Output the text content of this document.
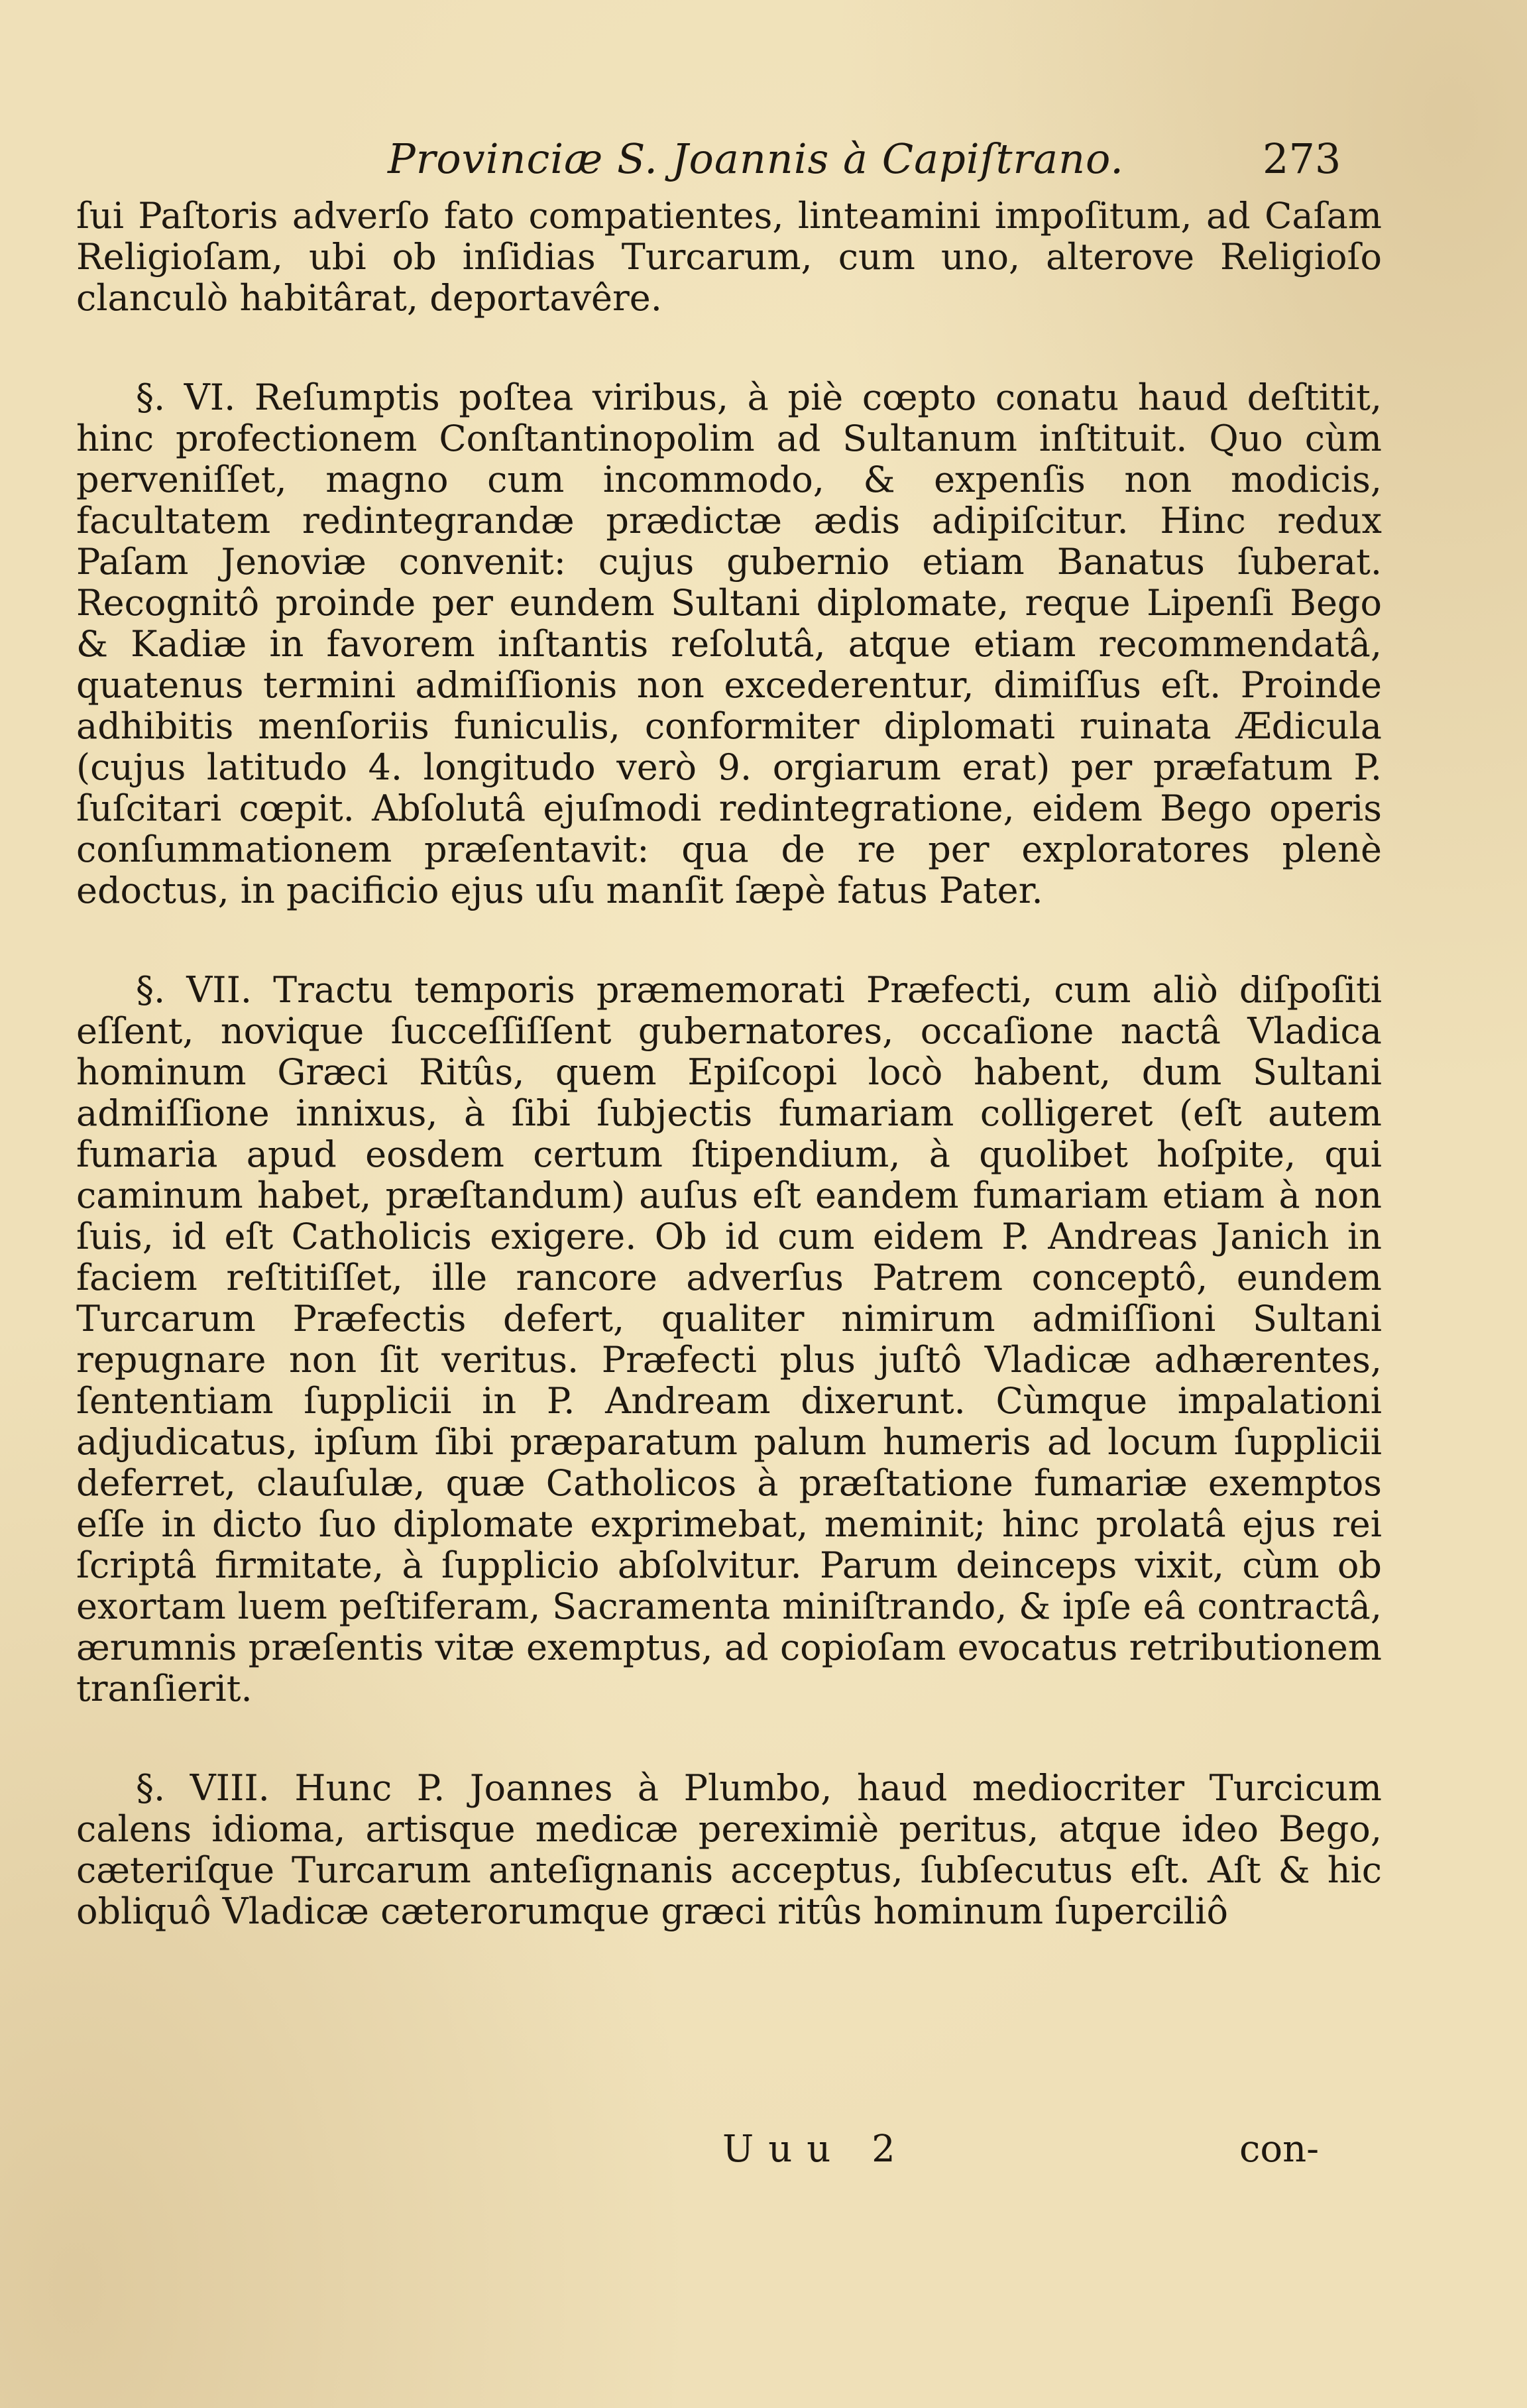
Provinciæ S. Joannis à Capiſtrano.	273

ſui Paſtoris adverſo fato compatientes, linteamini impoſitum, ad Caſam Religioſam, ubi ob inſidias Turcarum, cum uno, alterove Religioſo clanculò habitârat, deportavêre.

§. VI. Reſumptis poſtea viribus, à piè cœpto conatu haud deſtitit, hinc profectionem Conſtantinopolim ad Sultanum inſtituit. Quo cùm perveniſſet, magno cum incommodo, & expenſis non modicis, facultatem redintegrandæ prædictæ ædis adipiſcitur. Hinc redux Paſam Jenoviæ convenit: cujus gubernio etiam Banatus ſuberat. Recognitô proinde per eundem Sultani diplomate, reque Lipenſi Bego & Kadiæ in favorem inſtantis reſolutâ, atque etiam recommendatâ, quatenus termini admiſſionis non excederentur, dimiſſus eſt. Proinde adhibitis menſoriis funiculis, conformiter diplomati ruinata Ædicula (cujus latitudo 4. longitudo verò 9. orgiarum erat) per præfatum P. ſuſcitari cœpit. Abſolutâ ejuſmodi redintegratione, eidem Bego operis conſummationem præſentavit: qua de re per exploratores plenè edoctus, in pacificio ejus uſu manſit ſæpè fatus Pater.

§. VII. Tractu temporis præmemorati Præfecti, cum aliò diſpoſiti eſſent, novique ſucceſſiſſent gubernatores, occaſione nactâ Vladica hominum Græci Ritûs, quem Epiſcopi locò habent, dum Sultani admiſſione innixus, à ſibi ſubjectis fumariam colligeret (eſt autem fumaria apud eosdem certum ſtipendium, à quolibet hoſpite, qui caminum habet, præſtandum) auſus eſt eandem fumariam etiam à non ſuis, id eſt Catholicis exigere. Ob id cum eidem P. Andreas Janich in faciem reſtitiſſet, ille rancore adverſus Patrem conceptô, eundem Turcarum Præfectis defert, qualiter nimirum admiſſioni Sultani repugnare non ſit veritus. Præfecti plus juſtô Vladicæ adhærentes, ſententiam ſupplicii in P. Andream dixerunt. Cùmque impalationi adjudicatus, ipſum ſibi præparatum palum humeris ad locum ſupplicii deferret, clauſulæ, quæ Catholicos à præſtatione fumariæ exemptos eſſe in dicto ſuo diplomate exprimebat, meminit; hinc prolatâ ejus rei ſcriptâ firmitate, à ſupplicio abſolvitur. Parum deinceps vixit, cùm ob exortam luem peſtiferam, Sacramenta miniſtrando, & ipſe eâ contractâ, ærumnis præſentis vitæ exemptus, ad copioſam evocatus retributionem tranſierit.

§. VIII. Hunc P. Joannes à Plumbo, haud mediocriter Turcicum calens idioma, artisque medicæ pereximiè peritus, atque ideo Bego, cæteriſque Turcarum anteſignanis acceptus, ſubſecutus eſt. Aſt & hic obliquô Vladicæ cæterorumque græci ritûs hominum ſuperciliô

Uuu 2	con-
